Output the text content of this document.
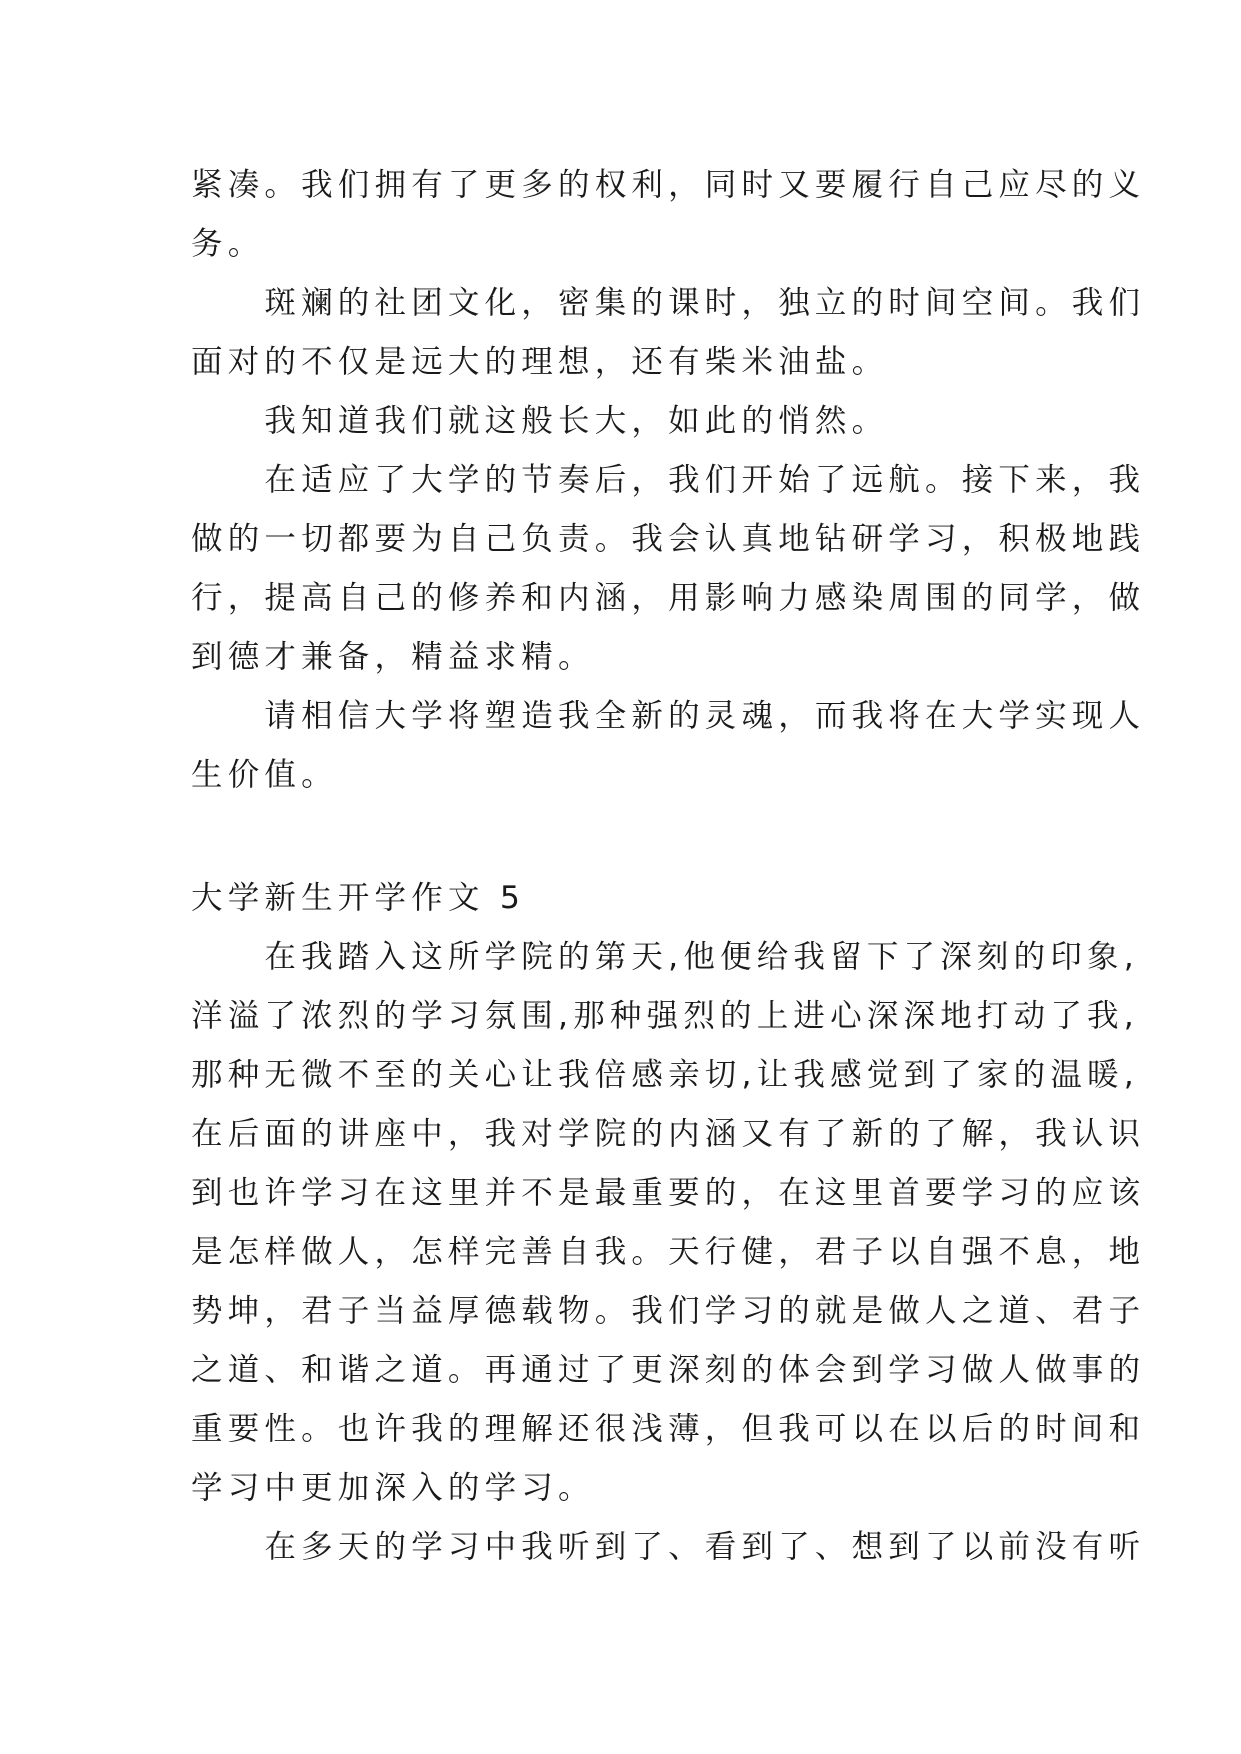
紧凑。我们拥有了更多的权利，同时又要履行自己应尽的义
务。
　　斑斓的社团文化，密集的课时，独立的时间空间。我们
面对的不仅是远大的理想，还有柴米油盐。
　　我知道我们就这般长大，如此的悄然。
　　在适应了大学的节奏后，我们开始了远航。接下来，我
做的一切都要为自己负责。我会认真地钻研学习，积极地践
行，提高自己的修养和内涵，用影响力感染周围的同学，做
到德才兼备，精益求精。
　　请相信大学将塑造我全新的灵魂，而我将在大学实现人
生价值。
大学新生开学作文 5
　　在我踏入这所学院的第天,他便给我留下了深刻的印象,
洋溢了浓烈的学习氛围,那种强烈的上进心深深地打动了我,
那种无微不至的关心让我倍感亲切,让我感觉到了家的温暖,
在后面的讲座中，我对学院的内涵又有了新的了解，我认识
到也许学习在这里并不是最重要的，在这里首要学习的应该
是怎样做人，怎样完善自我。天行健，君子以自强不息，地
势坤，君子当益厚德载物。我们学习的就是做人之道、君子
之道、和谐之道。再通过了更深刻的体会到学习做人做事的
重要性。也许我的理解还很浅薄，但我可以在以后的时间和
学习中更加深入的学习。
　　在多天的学习中我听到了、看到了、想到了以前没有听
